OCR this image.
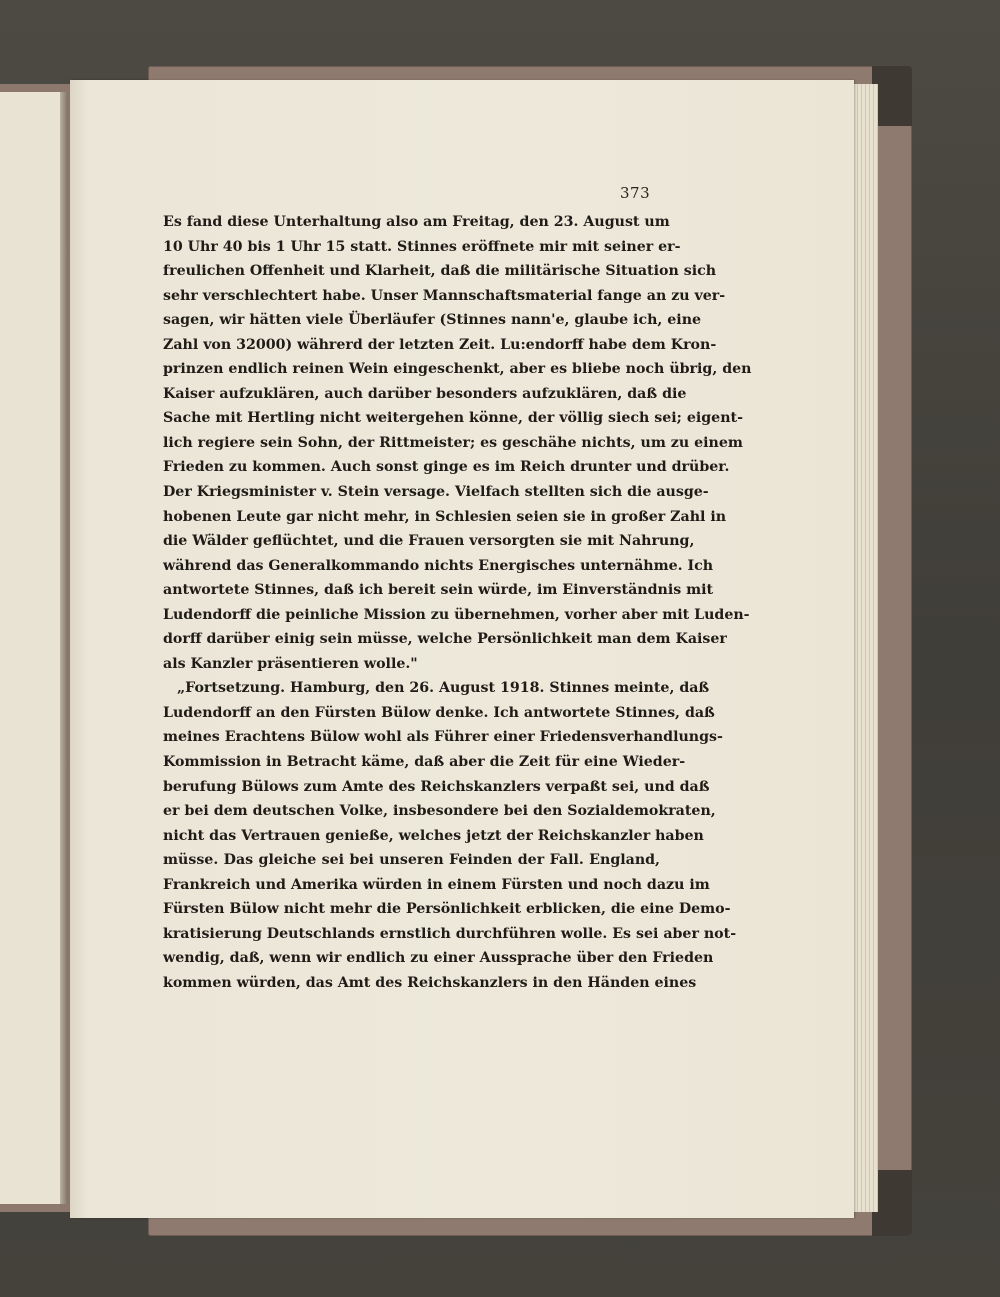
373
Es fand diese Unterhaltung also am Freitag, den 23. August um
10 Uhr 40 bis 1 Uhr 15 statt. Stinnes eröffnete mir mit seiner er-
freulichen Offenheit und Klarheit, daß die militärische Situation sich
sehr verschlechtert habe. Unser Mannschaftsmaterial fange an zu ver-
sagen, wir hätten viele Überläufer (Stinnes nann'e, glaube ich, eine
Zahl von 32000) währerd der letzten Zeit. Lu:endorff habe dem Kron-
prinzen endlich reinen Wein eingeschenkt, aber es bliebe noch übrig, den
Kaiser aufzuklären, auch darüber besonders aufzuklären, daß die
Sache mit Hertling nicht weitergehen könne, der völlig siech sei; eigent-
lich regiere sein Sohn, der Rittmeister; es geschähe nichts, um zu einem
Frieden zu kommen. Auch sonst ginge es im Reich drunter und drüber.
Der Kriegsminister v. Stein versage. Vielfach stellten sich die ausge-
hobenen Leute gar nicht mehr, in Schlesien seien sie in großer Zahl in
die Wälder geflüchtet, und die Frauen versorgten sie mit Nahrung,
während das Generalkommando nichts Energisches unternähme. Ich
antwortete Stinnes, daß ich bereit sein würde, im Einverständnis mit
Ludendorff die peinliche Mission zu übernehmen, vorher aber mit Luden-
dorff darüber einig sein müsse, welche Persönlichkeit man dem Kaiser
als Kanzler präsentieren wolle."
„Fortsetzung. Hamburg, den 26. August 1918. Stinnes meinte, daß
Ludendorff an den Fürsten Bülow denke. Ich antwortete Stinnes, daß
meines Erachtens Bülow wohl als Führer einer Friedensverhandlungs-
Kommission in Betracht käme, daß aber die Zeit für eine Wieder-
berufung Bülows zum Amte des Reichskanzlers verpaßt sei, und daß
er bei dem deutschen Volke, insbesondere bei den Sozialdemokraten,
nicht das Vertrauen genieße, welches jetzt der Reichskanzler haben
müsse. Das gleiche sei bei unseren Feinden der Fall. England,
Frankreich und Amerika würden in einem Fürsten und noch dazu im
Fürsten Bülow nicht mehr die Persönlichkeit erblicken, die eine Demo-
kratisierung Deutschlands ernstlich durchführen wolle. Es sei aber not-
wendig, daß, wenn wir endlich zu einer Aussprache über den Frieden
kommen würden, das Amt des Reichskanzlers in den Händen eines
